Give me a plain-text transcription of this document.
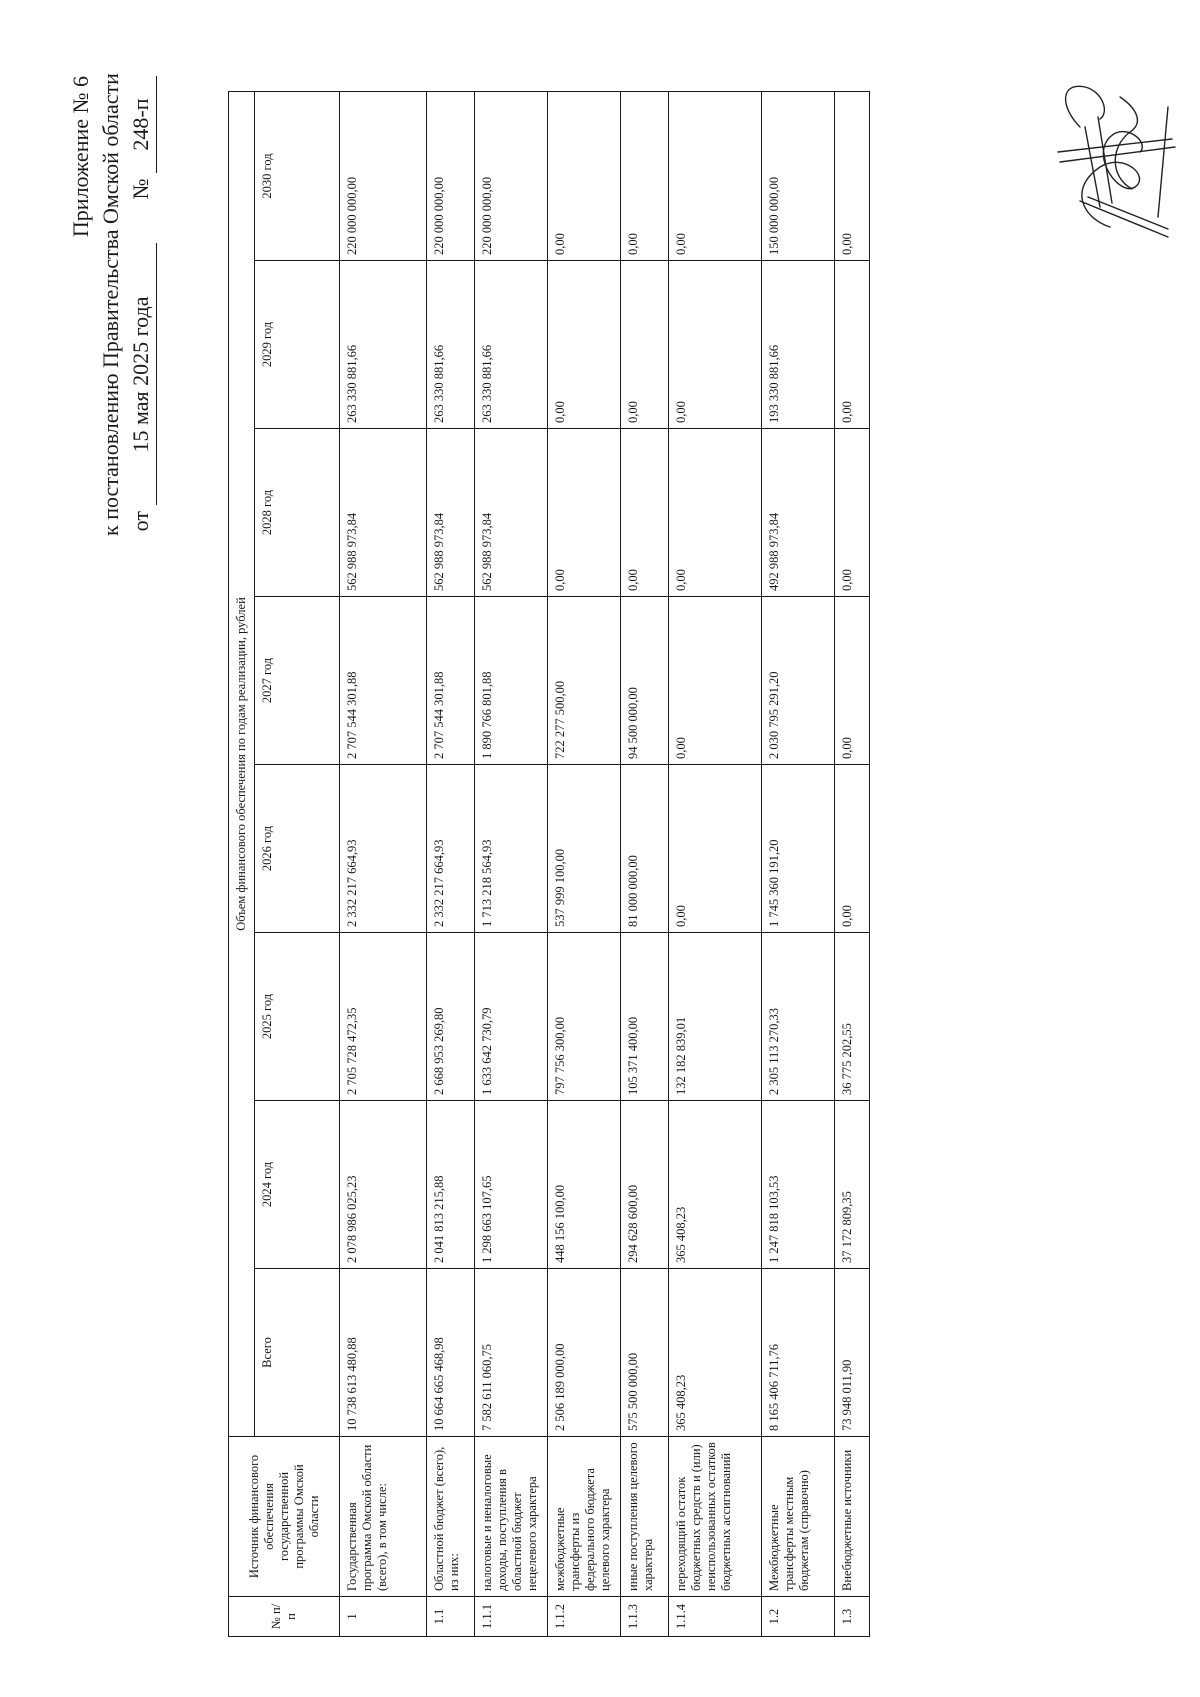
Приложение № 6 к постановлению Правительства Омской области от 15 мая 2025 года        № 248-п
№ п/п	Источник финансового обеспечения государственной программы Омской области	Объем финансового обеспечения по годам реализации, рублей							
		Всего	2024 год	2025 год	2026 год	2027 год	2028 год	2029 год	2030 год
1	Государственная программа Омской области (всего), в том числе:	10 738 613 480,88	2 078 986 025,23	2 705 728 472,35	2 332 217 664,93	2 707 544 301,88	562 988 973,84	263 330 881,66	220 000 000,00
1.1	Областной бюджет (всего), из них:	10 664 665 468,98	2 041 813 215,88	2 668 953 269,80	2 332 217 664,93	2 707 544 301,88	562 988 973,84	263 330 881,66	220 000 000,00
1.1.1	налоговые и неналоговые доходы, поступления в областной бюджет нецелевого характера	7 582 611 060,75	1 298 663 107,65	1 633 642 730,79	1 713 218 564,93	1 890 766 801,88	562 988 973,84	263 330 881,66	220 000 000,00
1.1.2	межбюджетные трансферты из федерального бюджета целевого характера	2 506 189 000,00	448 156 100,00	797 756 300,00	537 999 100,00	722 277 500,00	0,00	0,00	0,00
1.1.3	иные поступления целевого характера	575 500 000,00	294 628 600,00	105 371 400,00	81 000 000,00	94 500 000,00	0,00	0,00	0,00
1.1.4	переходящий остаток бюджетных средств и (или) неиспользованных остатков бюджетных ассигнований	365 408,23	365 408,23	132 182 839,01	0,00	0,00	0,00	0,00	0,00
1.2	Межбюджетные трансферты местным бюджетам (справочно)	8 165 406 711,76	1 247 818 103,53	2 305 113 270,33	1 745 360 191,20	2 030 795 291,20	492 988 973,84	193 330 881,66	150 000 000,00
1.3	Внебюджетные источники	73 948 011,90	37 172 809,35	36 775 202,55	0,00	0,00	0,00	0,00	0,00
